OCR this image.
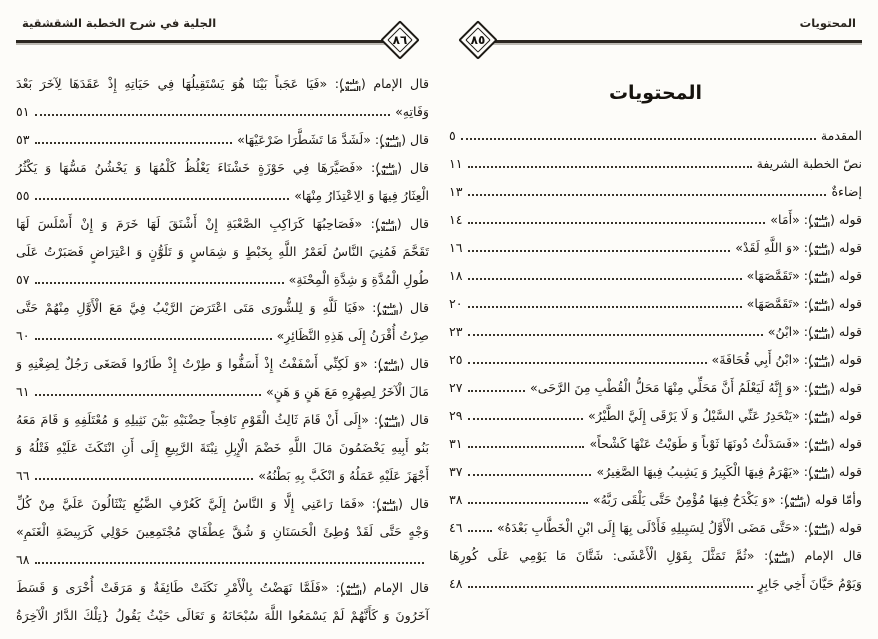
الجلية في شرح الخطبة الشقشقية
٨٦
قال الإمام (عليه السلام): «فَيَا عَجَباً بَيْنَا هُوَ يَسْتَقِيلُهَا فِي حَيَاتِهِ إِذْ عَقَدَهَا لِآخَرَ بَعْدَ
وَفَاتِهِ»
٥١
قال (عليه السلام): «لَشَدَّ مَا تَشَطَّرَا ضَرْعَيْهَا»
٥٣
قال (عليه السلام): «فَصَيَّرَهَا فِي حَوْزَةٍ خَشْنَاءَ يَغْلُظُ كَلْمُهَا وَ يَخْشُنُ مَسُّهَا وَ يَكْثُرُ
الْعِثَارُ فِيهَا وَ الِاعْتِذَارُ مِنْهَا»
٥٥
قال (عليه السلام): «فَصَاحِبُهَا كَرَاكِبِ الصَّعْبَةِ إِنْ أَشْنَقَ لَهَا خَرَمَ وَ إِنْ أَسْلَسَ لَهَا
تَقَحَّمَ فَمُنِيَ النَّاسُ لَعَمْرُ اللَّهِ بِخَبْطٍ وَ شِمَاسٍ وَ تَلَوُّنٍ وَ اعْتِرَاضٍ فَصَبَرْتُ عَلَى
طُولِ الْمُدَّةِ وَ شِدَّةِ الْمِحْنَةِ»
٥٧
قال (عليه السلام): «فَيَا لَلَّهِ وَ لِلشُّورَى مَتَى اعْتَرَضَ الرَّيْبُ فِيَّ مَعَ الْأَوَّلِ مِنْهُمْ حَتَّى
صِرْتُ أُقْرَنُ إِلَى هَذِهِ النَّظَائِرِ»
٦٠
قال (عليه السلام): «وَ لَكِنِّي أَسْفَفْتُ إِذْ أَسَفُّوا وَ طِرْتُ إِذْ طَارُوا فَصَغَى رَجُلٌ لِضِغْنِهِ وَ
مَالَ الْآخَرُ لِصِهْرِهِ مَعَ هَنٍ وَ هَنٍ»
٦١
قال (عليه السلام): «إِلَى أَنْ قَامَ ثَالِثُ الْقَوْمِ نَافِجاً حِضْنَيْهِ بَيْنَ نَثِيلِهِ وَ مُعْتَلَفِهِ وَ قَامَ مَعَهُ
بَنُو أَبِيهِ يَخْضَمُونَ مَالَ اللَّهِ خَضْمَ الْإِبِلِ نِبْتَةَ الرَّبِيعِ إِلَى أَنِ انْتَكَثَ عَلَيْهِ فَتْلُهُ وَ
أَجْهَزَ عَلَيْهِ عَمَلُهُ وَ انْكَبَّ بِهِ بَطْنُهُ»
٦٦
قال (عليه السلام): «فَمَا رَاعَنِي إِلَّا وَ النَّاسُ إِلَيَّ كَعُرْفِ الضَّبُعِ يَنْثَالُونَ عَلَيَّ مِنْ كُلِّ
وَجْهٍ حَتَّى لَقَدْ وُطِئَ الْحَسَنَانِ وَ شُقَّ عِطْفَايَ مُجْتَمِعِينَ حَوْلِي كَرَبِيضَةِ الْغَنَمِ»
٦٨
قال الإمام (عليه السلام): «فَلَمَّا نَهَضْتُ بِالْأَمْرِ نَكَثَتْ طَائِفَةٌ وَ مَرَقَتْ أُخْرَى وَ قَسَطَ
آخَرُونَ وَ كَأَنَّهُمْ لَمْ يَسْمَعُوا اللَّهَ سُبْحَانَهُ وَ تَعَالَى حَيْثُ يَقُولُ {تِلْكَ الدَّارُ الْآخِرَةُ
المحتويات
٨٥
المحتويات
المقدمة
٥
نصّ الخطبة الشريفة
١١
إضاءةٌ
١٣
قوله (عليه السلام): «أَمَا»
١٤
قوله (عليه السلام): «وَ اللَّهِ لَقَدْ»
١٦
قوله (عليه السلام): «تَقَمَّصَهَا»
١٨
قوله (عليه السلام): «تَقَمَّصَهَا»
٢٠
قوله (عليه السلام): «ابْنُ»
٢٣
قوله (عليه السلام): «ابْنُ أَبِي قُحَافَةَ»
٢٥
قوله (عليه السلام): «وَ إِنَّهُ لَيَعْلَمُ أَنَّ مَحَلِّي مِنْهَا مَحَلُّ الْقُطْبِ مِنَ الرَّحَى»
٢٧
قوله (عليه السلام): «يَنْحَدِرُ عَنِّي السَّيْلُ وَ لَا يَرْقَى إِلَيَّ الطَّيْرُ»
٢٩
قوله (عليه السلام): «فَسَدَلْتُ دُونَهَا ثَوْباً وَ طَوَيْتُ عَنْهَا كَشْحاً»
٣١
قوله (عليه السلام): «يَهْرَمُ فِيهَا الْكَبِيرُ وَ يَشِيبُ فِيهَا الصَّغِيرُ»
٣٧
وأمّا قوله (عليه السلام): «وَ يَكْدَحُ فِيهَا مُؤْمِنٌ حَتَّى يَلْقَى رَبَّهُ»
٣٨
قوله (عليه السلام): «حَتَّى مَضَى الْأَوَّلُ لِسَبِيلِهِ فَأَدْلَى بِهَا إِلَى ابْنِ الْخَطَّابِ بَعْدَهُ»
٤٦
قال الإمام (عليه السلام): «ثُمَّ تَمَثَّلَ بِقَوْلِ الْأَعْشَى: شَتَّانَ مَا يَوْمِي عَلَى كُورِهَا
وَيَوْمُ حَيَّانَ أَخِي جَابِرٍ
٤٨
